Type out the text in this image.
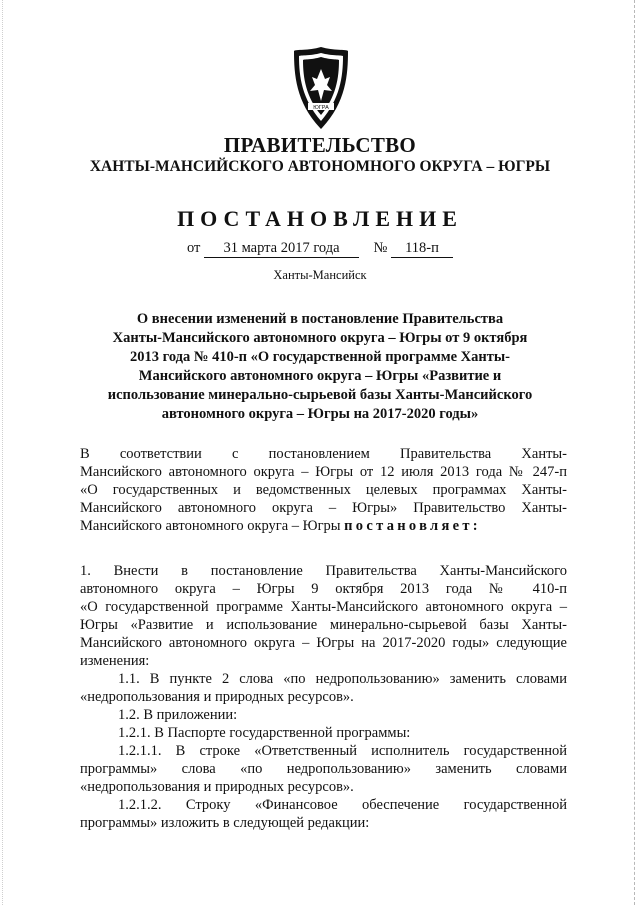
ЮГРА
ПРАВИТЕЛЬСТВО
ХАНТЫ-МАНСИЙСКОГО АВТОНОМНОГО ОКРУГА – ЮГРЫ
ПОСТАНОВЛЕНИЕ
от 31 марта 2017 года № 118-п
Ханты-Мансийск
О внесении изменений в постановление Правительства
Ханты-Мансийского автономного округа – Югры от 9 октября
2013 года № 410-п «О государственной программе Ханты-
Мансийского автономного округа – Югры «Развитие и
использование минерально-сырьевой базы Ханты-Мансийского
автономного округа – Югры на 2017-2020 годы»
В соответствии с постановлением Правительства Ханты-
Мансийского автономного округа – Югры от 12 июля 2013 года № 247-п
«О государственных и ведомственных целевых программах Ханты-
Мансийского автономного округа – Югры» Правительство Ханты-
Мансийского автономного округа – Югры постановляет:
1. Внести в постановление Правительства Ханты-Мансийского
автономного округа – Югры 9 октября 2013 года № 410-п
«О государственной программе Ханты-Мансийского автономного округа –
Югры «Развитие и использование минерально-сырьевой базы Ханты-
Мансийского автономного округа – Югры на 2017-2020 годы» следующие
изменения:
1.1. В пункте 2 слова «по недропользованию» заменить словами
«недропользования и природных ресурсов».
1.2. В приложении:
1.2.1. В Паспорте государственной программы:
1.2.1.1. В строке «Ответственный исполнитель государственной
программы» слова «по недропользованию» заменить словами
«недропользования и природных ресурсов».
1.2.1.2. Строку «Финансовое обеспечение государственной
программы» изложить в следующей редакции:
